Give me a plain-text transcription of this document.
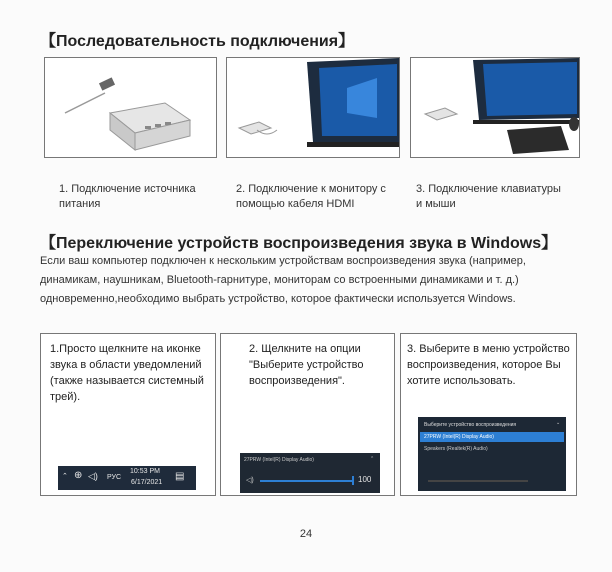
【Последовательность подключения】
1. Подключение источника
питания
2. Подключение к монитору с
помощью кабеля HDMI
3. Подключение клавиатуры
и мыши
【Переключение устройств воспроизведения звука в Windows】
Если ваш компьютер подключен к нескольким устройствам воспроизведения звука (например,
динамикам, наушникам, Bluetooth-гарнитуре, мониторам со встроенными динамиками и т. д.)
одновременно,необходимо выбрать устройство, которое фактически используется Windows.
1.Просто щелкните на иконке
звука в области уведомлений
(также называется системный
трей).
⌃ ⊕ ◁) РУС
10:53 PM
6/17/2021
▤
2. Щелкните на опции
"Выберите устройство
воспроизведения".
27PRW (Intel(R) Display Audio)	⌃
◁)	100
3. Выберите в меню устройство
воспроизведения, которое Вы
хотите использовать.
Выберите устройство воспроизведения	⌄
27PRW (Intel(R) Display Audio)
Speakers (Realtek(R) Audio)
24
